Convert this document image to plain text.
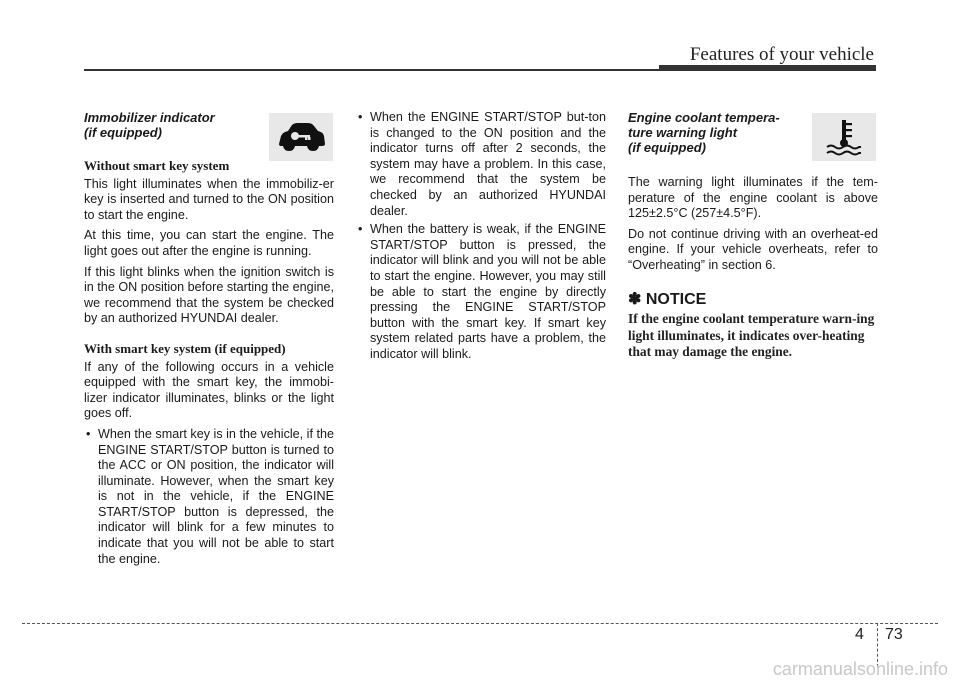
Features of your vehicle

Immobilizer indicator
(if equipped)

Without smart key system

This light illuminates when the immobiliz-er key is inserted and turned to the ON position to start the engine.

At this time, you can start the engine. The light goes out after the engine is running.

If this light blinks when the ignition switch is in the ON position before starting the engine, we recommend that the system be checked by an authorized HYUNDAI dealer.

With smart key system (if equipped)

If any of the following occurs in a vehicle equipped with the smart key, the immobi-lizer indicator illuminates, blinks or the light goes off.

• When the smart key is in the vehicle, if the ENGINE START/STOP button is turned to the ACC or ON position, the indicator will illuminate. However, when the smart key is not in the vehicle, if the ENGINE START/STOP button is depressed, the indicator will blink for a few minutes to indicate that you will not be able to start the engine.
• When the ENGINE START/STOP but-ton is changed to the ON position and the indicator turns off after 2 seconds, the system may have a problem. In this case, we recommend that the system be checked by an authorized HYUNDAI dealer.
• When the battery is weak, if the ENGINE START/STOP button is pressed, the indicator will blink and you will not be able to start the engine. However, you may still be able to start the engine by directly pressing the ENGINE START/STOP button with the smart key. If smart key system related parts have a problem, the indicator will blink.

Engine coolant tempera-
ture warning light
(if equipped)

The warning light illuminates if the tem-perature of the engine coolant is above 125±2.5°C (257±4.5°F).

Do not continue driving with an overheat-ed engine. If your vehicle overheats, refer to “Overheating” in section 6.

✽ NOTICE
If the engine coolant temperature warn-ing light illuminates, it indicates over-heating that may damage the engine.
4 73
carmanualsonline.info
